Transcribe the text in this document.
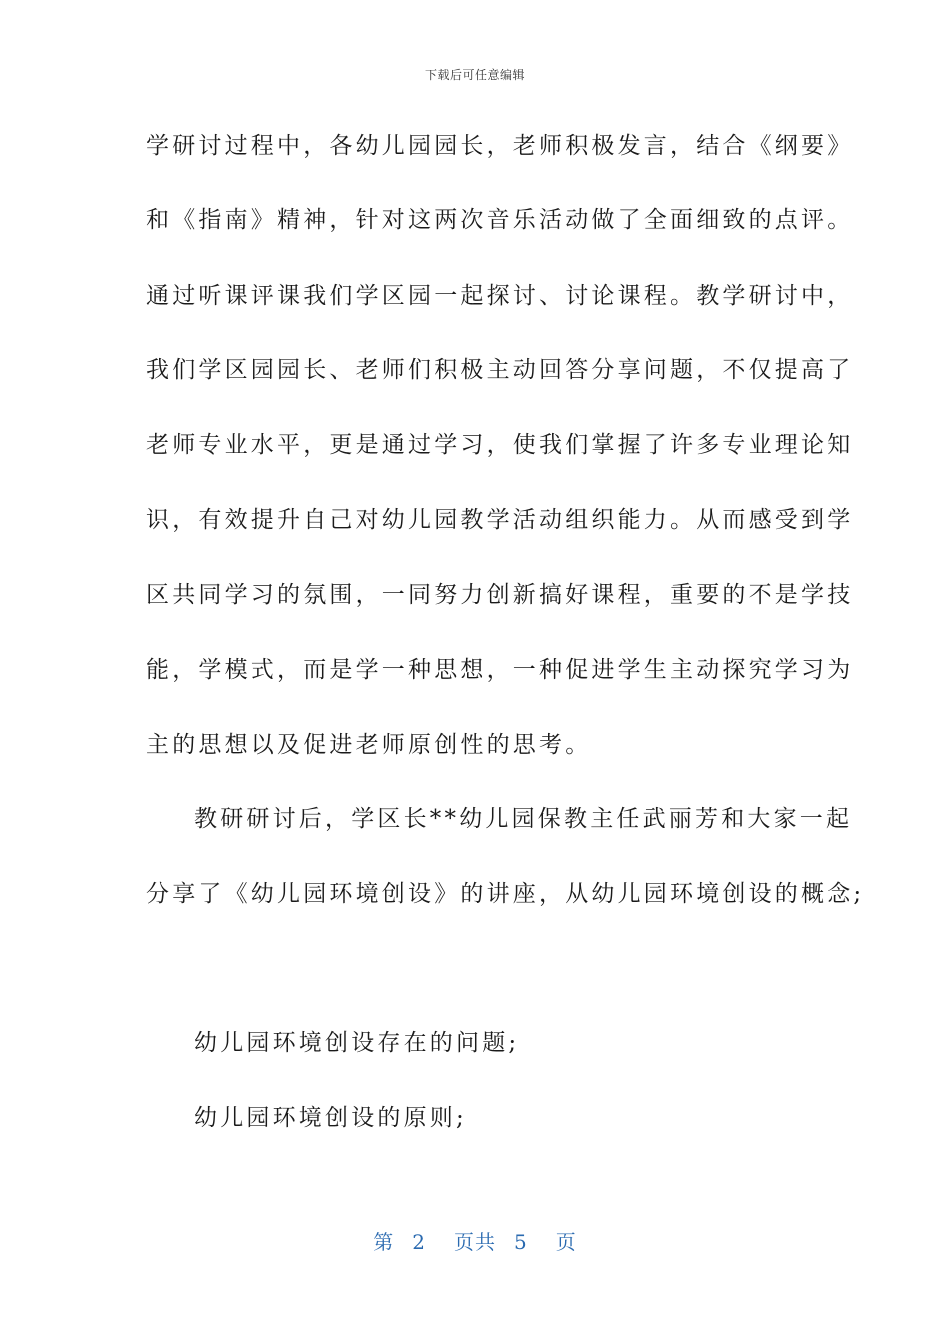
下载后可任意编辑
学研讨过程中，各幼儿园园长，老师积极发言，结合《纲要》
和《指南》精神，针对这两次音乐活动做了全面细致的点评。
通过听课评课我们学区园一起探讨、讨论课程。教学研讨中，
我们学区园园长、老师们积极主动回答分享问题，不仅提高了
老师专业水平，更是通过学习，使我们掌握了许多专业理论知
识，有效提升自己对幼儿园教学活动组织能力。从而感受到学
区共同学习的氛围，一同努力创新搞好课程，重要的不是学技
能，学模式，而是学一种思想，一种促进学生主动探究学习为
主的思想以及促进老师原创性的思考。
教研研讨后，学区长**幼儿园保教主任武丽芳和大家一起
分享了《幼儿园环境创设》的讲座，从幼儿园环境创设的概念;
幼儿园环境创设存在的问题;
幼儿园环境创设的原则;
第 2 页共 5 页
